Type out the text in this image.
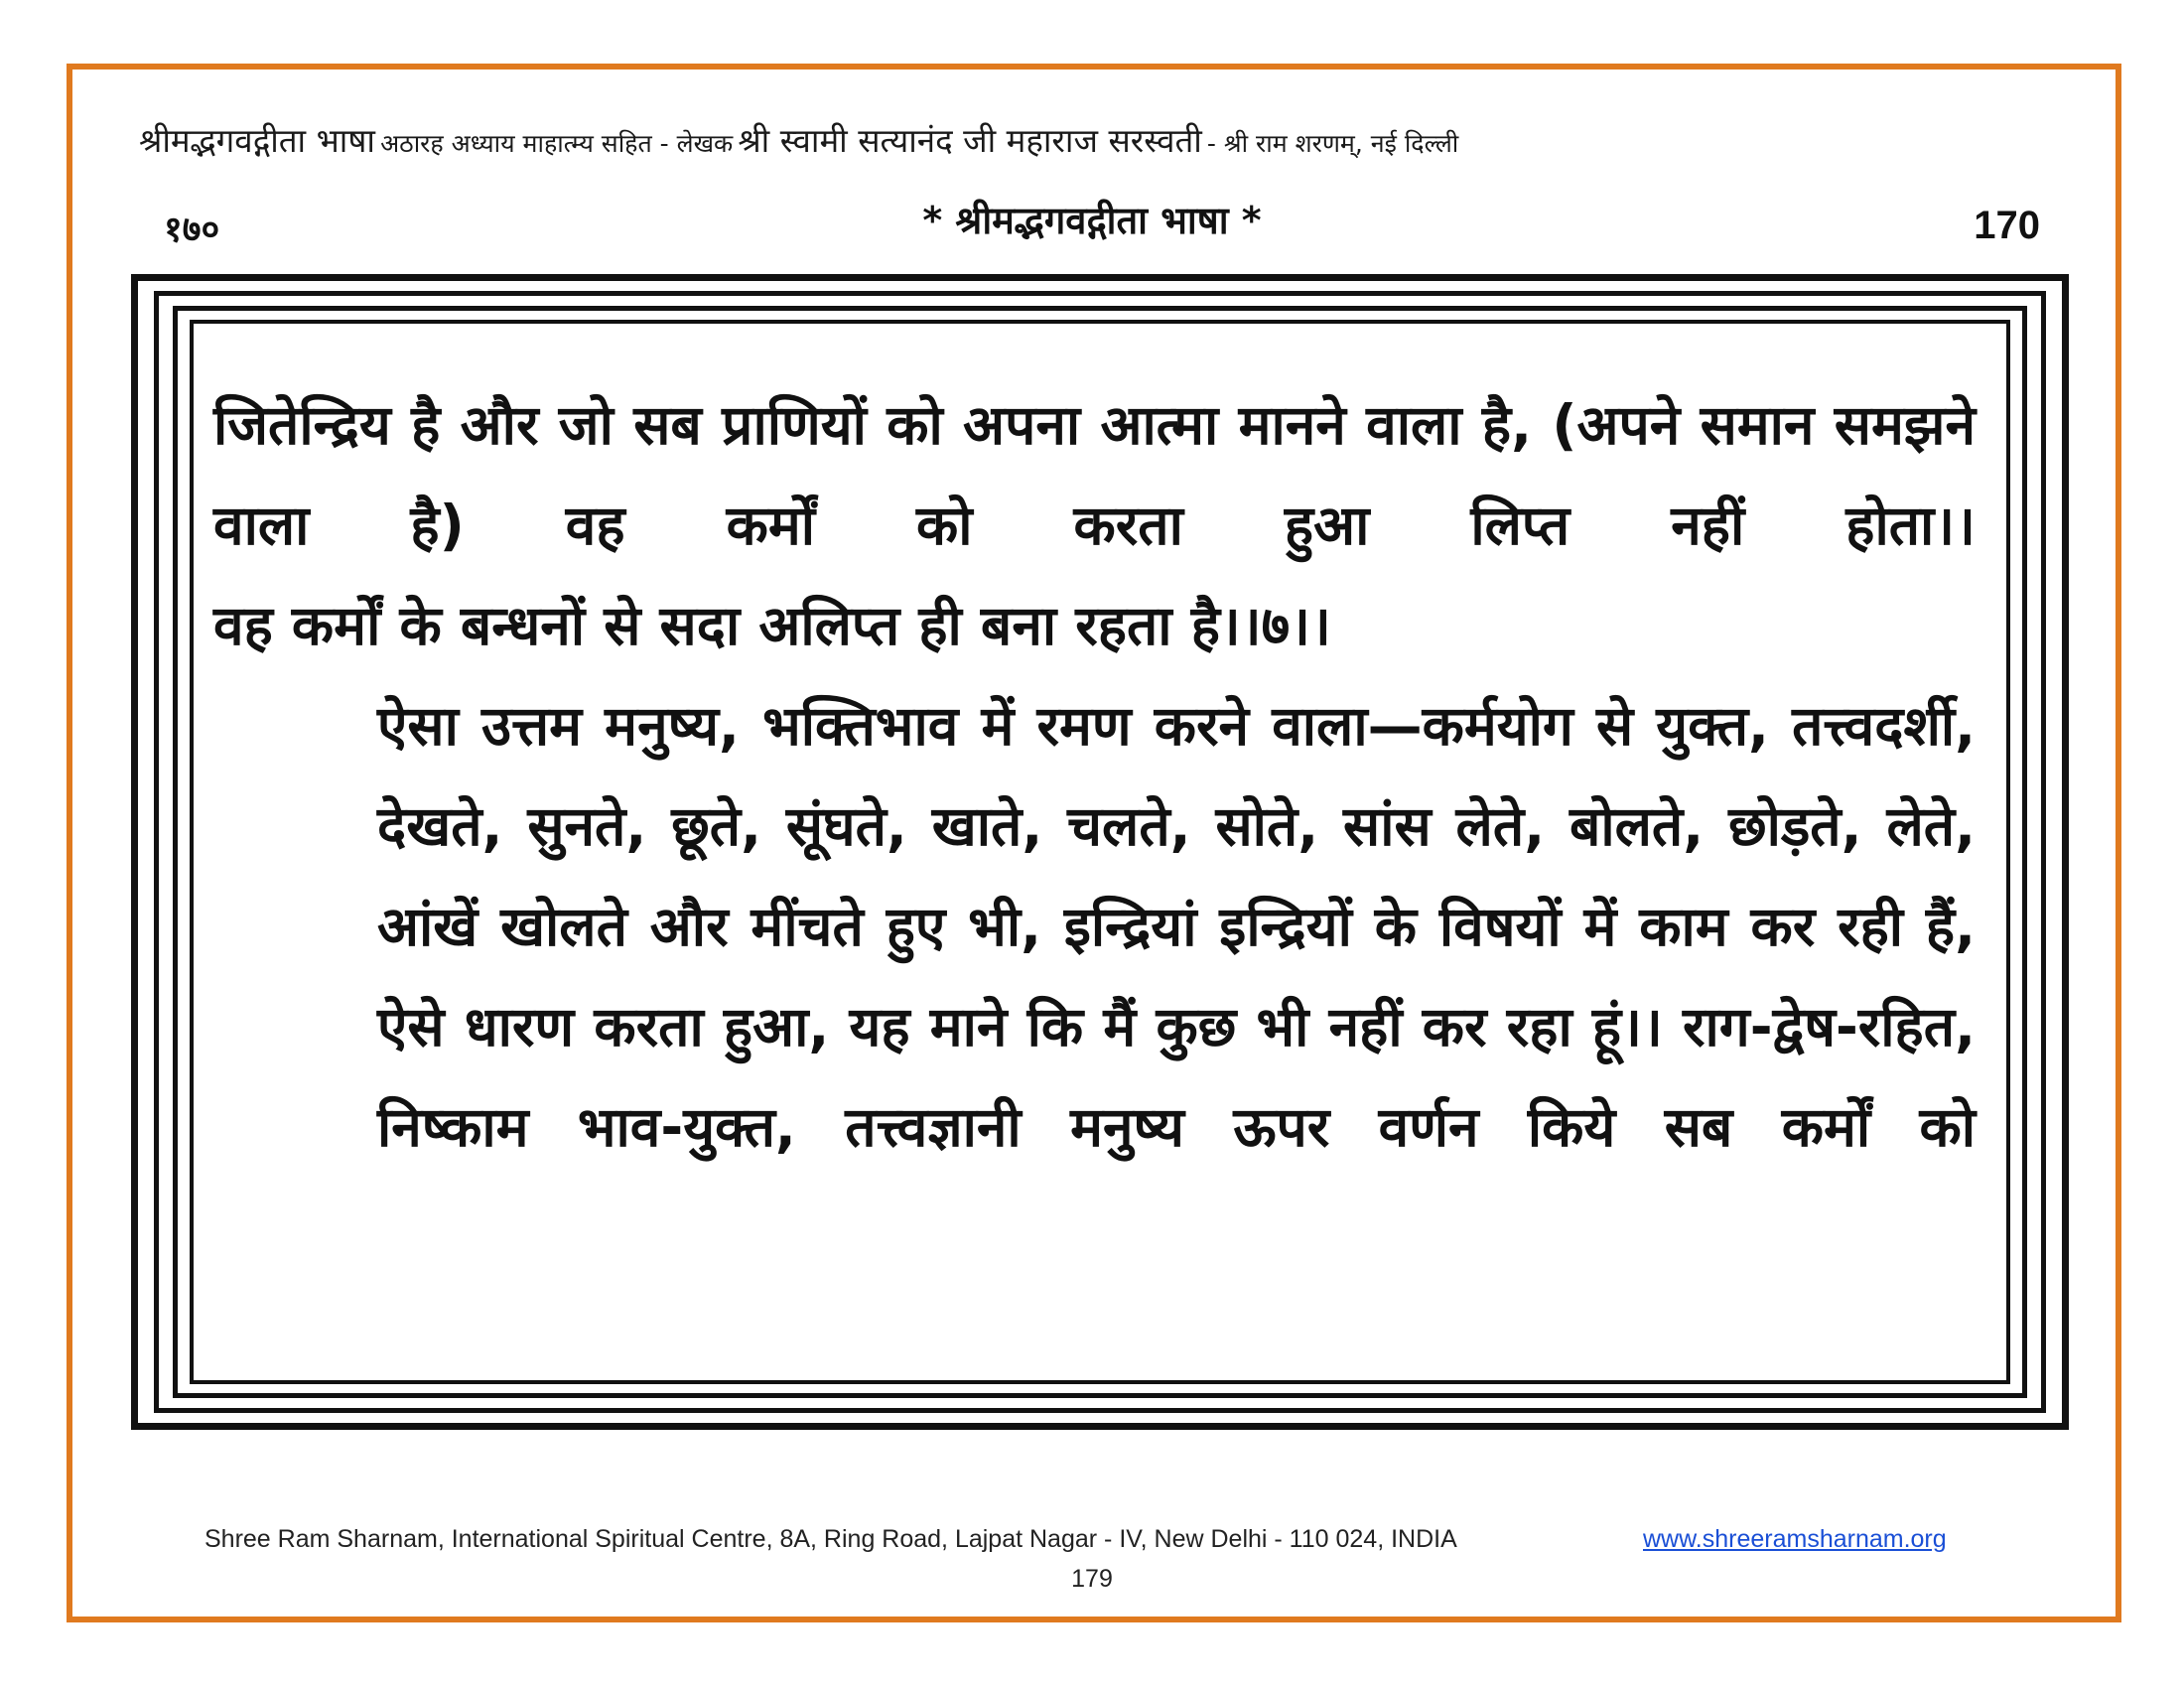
श्रीमद्भगवद्गीता भाषा अठारह अध्याय माहात्म्य सहित - लेखक श्री स्वामी सत्यानंद जी महाराज सरस्वती - श्री राम शरणम्, नई दिल्ली
१७०	* श्रीमद्भगवद्गीता भाषा *	170

जितेन्द्रिय है और जो सब प्राणियों को अपना आत्मा मानने वाला है, (अपने समान समझने वाला है) वह कर्मों को करता हुआ लिप्त नहीं होता।।

वह कर्मों के बन्धनों से सदा अलिप्त ही बना रहता है।।७।।

ऐसा उत्तम मनुष्य, भक्तिभाव में रमण करने वाला—कर्मयोग से युक्त, तत्त्वदर्शी, देखते, सुनते, छूते, सूंघते, खाते, चलते, सोते, सांस लेते, बोलते, छोड़ते, लेते, आंखें खोलते और मींचते हुए भी, इन्द्रियां इन्द्रियों के विषयों में काम कर रही हैं, ऐसे धारण करता हुआ, यह माने कि मैं कुछ भी नहीं कर रहा हूं।। राग-द्वेष-रहित, निष्काम भाव-युक्त, तत्त्वज्ञानी मनुष्य ऊपर वर्णन किये सब कर्मों को

Shree Ram Sharnam, International Spiritual Centre, 8A, Ring Road, Lajpat Nagar - IV, New Delhi - 110 024, INDIA	www.shreeramsharnam.org
179
